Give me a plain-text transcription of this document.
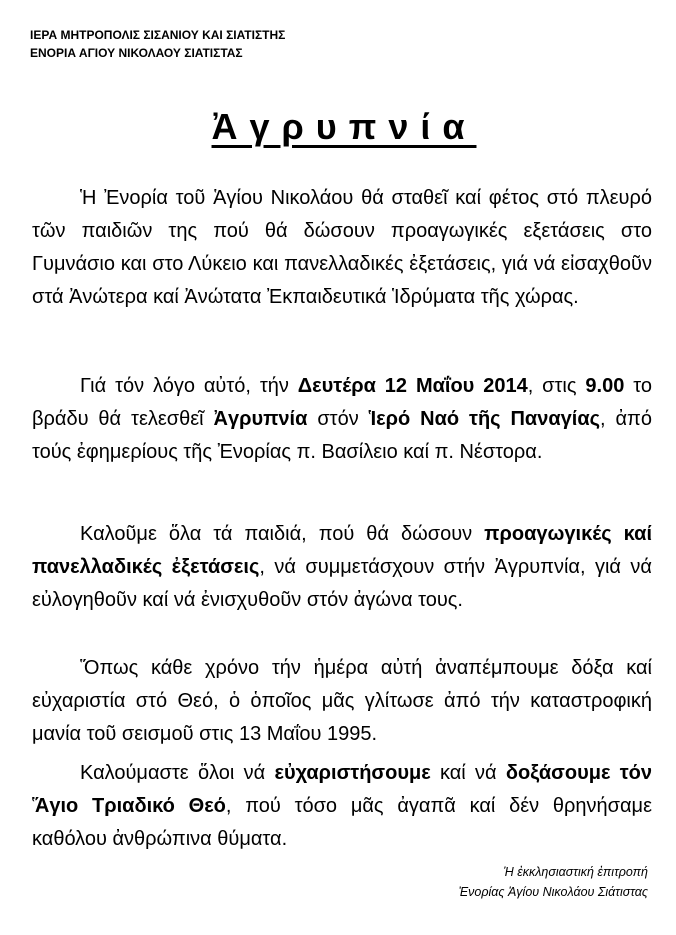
ΙΕΡΑ ΜΗΤΡΟΠΟΛΙΣ ΣΙΣΑΝΙΟΥ ΚΑΙ ΣΙΑΤΙΣΤΗΣ
ΕΝΟΡΙΑ ΑΓΙΟΥ ΝΙΚΟΛΑΟΥ ΣΙΑΤΙΣΤΑΣ
Ἀγρυπνία

Ἡ Ἐνορία τοῦ Ἁγίου Νικολάου θά σταθεῖ καί φέτος στό πλευρό τῶν παιδιῶν της πού θά δώσουν προαγωγικές εξετάσεις στο Γυμνάσιο και στο Λύκειο και πανελλαδικές ἐξετάσεις, γιά νά εἰσαχθοῦν στά Ἀνώτερα καί Ἀνώτατα Ἐκπαιδευτικά Ἱδρύματα τῆς χώρας.

Γιά τόν λόγο αὐτό, τήν Δευτέρα 12 Μαΐου 2014, στις 9.00 το βράδυ θά τελεσθεῖ Ἀγρυπνία στόν Ἱερό Ναό τῆς Παναγίας, ἀπό τούς ἐφημερίους τῆς Ἐνορίας π. Βασίλειο καί π. Νέστορα.

Καλοῦμε ὅλα τά παιδιά, πού θά δώσουν προαγωγικές καί πανελλαδικές ἐξετάσεις, νά συμμετάσχουν στήν Ἀγρυπνία, γιά νά εὐλογηθοῦν καί νά ἐνισχυθοῦν στόν ἀγώνα τους.

Ὅπως κάθε χρόνο τήν ἡμέρα αὐτή ἀναπέμπουμε δόξα καί εὐχαριστία στό Θεό, ὁ ὁποῖος μᾶς γλίτωσε ἀπό τήν καταστροφική μανία τοῦ σεισμοῦ στις 13 Μαΐου 1995.

Καλούμαστε ὅλοι νά εὐχαριστήσουμε καί νά δοξάσουμε τόν Ἅγιο Τριαδικό Θεό, πού τόσο μᾶς ἀγαπᾶ καί δέν θρηνήσαμε καθόλου ἀνθρώπινα θύματα.

Ἡ ἐκκλησιαστική ἐπιτροπή
Ἐνορίας Ἁγίου Νικολάου Σιάτιστας
